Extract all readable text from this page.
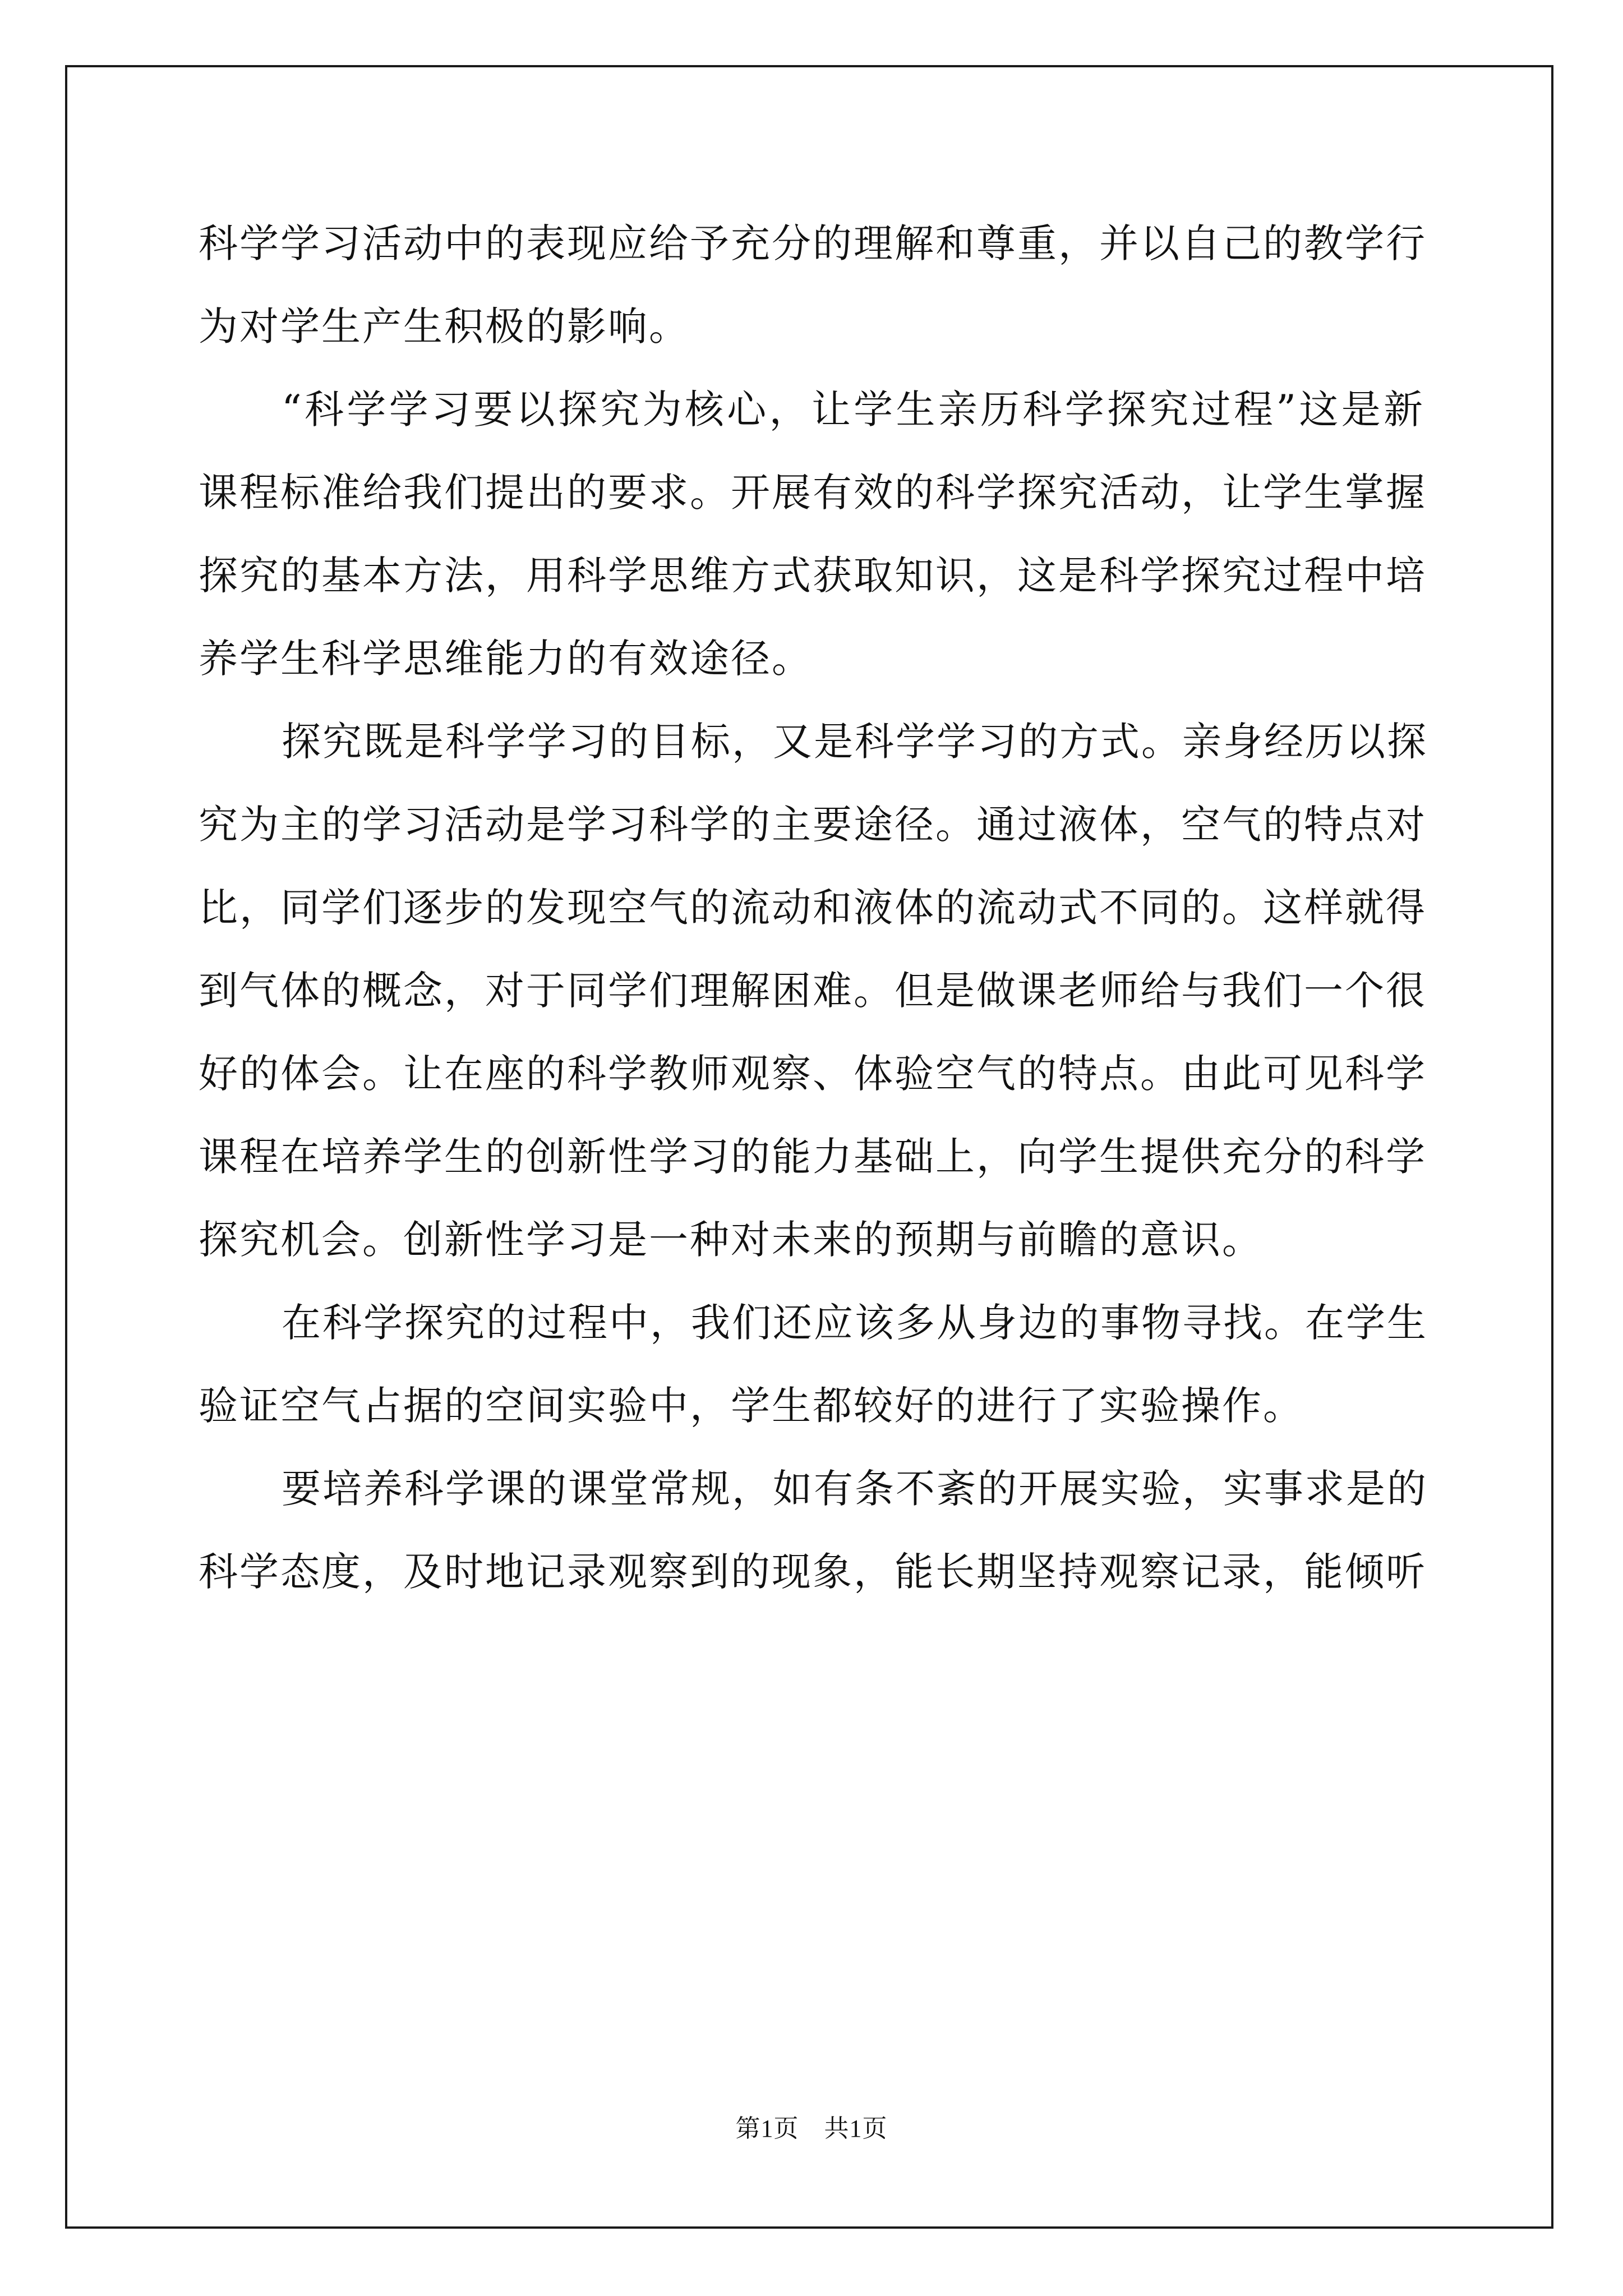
科学学习活动中的表现应给予充分的理解和尊重，并以自己的教学行
为对学生产生积极的影响。
“科学学习要以探究为核心，让学生亲历科学探究过程”这是新
课程标准给我们提出的要求。开展有效的科学探究活动，让学生掌握
探究的基本方法，用科学思维方式获取知识，这是科学探究过程中培
养学生科学思维能力的有效途径。
探究既是科学学习的目标，又是科学学习的方式。亲身经历以探
究为主的学习活动是学习科学的主要途径。通过液体，空气的特点对
比，同学们逐步的发现空气的流动和液体的流动式不同的。这样就得
到气体的概念，对于同学们理解困难。但是做课老师给与我们一个很
好的体会。让在座的科学教师观察、体验空气的特点。由此可见科学
课程在培养学生的创新性学习的能力基础上，向学生提供充分的科学
探究机会。创新性学习是一种对未来的预期与前瞻的意识。
在科学探究的过程中，我们还应该多从身边的事物寻找。在学生
验证空气占据的空间实验中，学生都较好的进行了实验操作。
要培养科学课的课堂常规，如有条不紊的开展实验，实事求是的
科学态度，及时地记录观察到的现象，能长期坚持观察记录，能倾听
第1页　共1页
